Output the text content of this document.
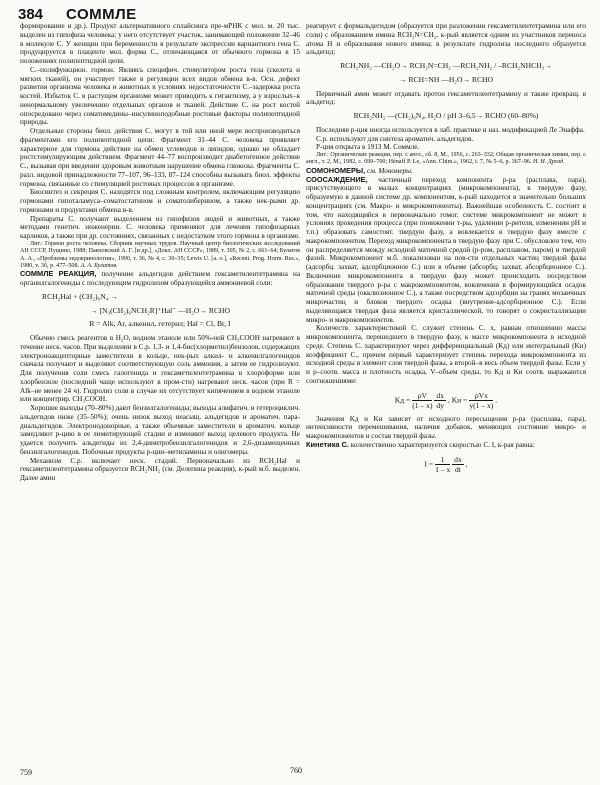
384 СОММЛЕ

формирование и др.). Продукт альтернативного сплайсинга пре-мРНК с мол. м. 20 тыс. выделен из гипофиза человека; у него отсутствует участок, занимающий положение 32–46 в молекуле С. У женщин при беременности в результате экспрессии вариантного гена С. продуцируется в плаценте мол. форма С., отличающаяся от обычного гормона в 15 положениях полипептидной цепи.

С.–полифункцион. гормон. Являясь специфич. стимулятором роста тела (скелета и мягких тканей), он участвует также в регуляции всех видов обмена в-в. Осн. дефект развития организма человека и животных в условиях недостаточности С.–задержка роста костей. Избыток С. в растущем организме может приводить к гигантизму, а у взрослых–к ненормальному увеличению отдельных органов и тканей. Действие С. на рост костей опосредовано через соматомедины–инсулиноподобные ростовые факторы полипептидной природы.

Отдельные стороны биол. действия С. могут в той или иной мере воспроизводиться фрагментами его полипептидной цепи. Фрагмент 31–44 С. человека проявляет характерное для гормона действие на обмен углеводов и липидов, однако не обладает ростстимулирующим действием. Фрагмент 44–77 воспроизводит диабетогенное действие С., вызывая при введении здоровым животным нарушение обмена глюкозы. Фрагменты С. разл. видовой принадлежности 77–107, 96–133, 87–124 способны вызывать биол. эффекты гормона, связанные со стимуляцией ростовых процессов в организме.

Биосинтез и секреция С. находятся под сложным контролем, включающим регуляцию гормонами гипоталамуса–соматостатином и соматолиберином, а также нек-рыми др. гормонами и продуктами обмена в-в.

Препараты С. получают выделением из гипофизов людей и животных, а также методами генетич. инженерии. С. человека применяют для лечения гипофизарных карликов, а также при др. состояниях, связанных с недостатком этого гормона в организме.

Лит.: Гормон роста человека. Сборник научных трудов. Научный центр биологических исследований АН СССР, Пущино, 1988; Павловский А. Г. [и др.], «Докл. АН СССР», 1989, т. 305, № 2, с. 661–64; Булатов А. А., «Проблемы эндокринологии», 1990, т. 36, № 4, с. 30–35; Lewis U. [a. o.], «Recent. Prog. Horm. Res.», 1980, v. 36, p. 477–508. А. А. Булатов.

СОММЛЕ РЕАКЦИЯ, получение альдегидов действием гексаметилентетрамина на органилгалогениды с последующим гидролизом образующейся аммониевой соли:

RCH₂Hal + (CH₂)₆N₄ →

→ [N₃(CH₂)₆NCH₂R]⁺Hal⁻ —H₂O→ RCHO

R = Alk, Ar, алкенил, гетерил; Hal = Cl, Br, I

Обычно смесь реагентов в H₂O, водном этаноле или 50%-ной CH₃COOH нагревают в течение неск. часов. При выделении в С.р. 1,3- и 1,4-бис(хлорметил)бензолов, содержащих электроноакцепторные заместители в кольце, нек-рых алкил- и алкенилгалогенидов сначала получают и выделяют соответствующую соль аммония, а затем ее гидролизуют. Для получения соли смесь галогенида и гексаметилентетрамина в хлороформе или хлорбензоле (последний чаще используют в пром-сти) нагревают неск. часов (при R = Alk–не менее 24 ч). Гидролиз соли в случае их отсутствует кипячением в водном этаноле или концентрир. CH₃COOH.

Хорошие выходы (70–80%) дают бензилгалогениды; выходы алифатич. и гетероциклич. альдегидов ниже (35–50%); очень низок выход неасыщ. альдегидов и ароматич. пара-диальдегидов. Электронодонорные, а также объемные заместители в ароматич. кольце замедляют р-цию в ее лимитирующей стадии и изменяют выход целевого продукта. Не удается получить альдегиды из 2,4-динитробензилгалогенидов и 2,6-дизамещенных бензилгалогенидов. Побочные продукты р-ции–метиламины и олигомеры.

Механизм С.р. включает неск. стадий. Первоначально из RCH₂Hal и гексаметилентетрамина образуется RCH₂NH₂ (см. Делепина реакция), к-рый м.б. выделен. Далее амин

реагирует с формальдегидом (образуется при разложении гексаметилентетрамина или его соли) с образованием имина RCH₂N=CH₂, к-рый является одним из участников переноса атома H и образования нового имина; в результате гидролиза последнего образуется альдегид:

RCH₂NH₂ —CH₂O→ RCH₂N=CH₂ —RCH₂NH₂ / –RCH₂NHCH₃→

→ RCH=NH —H₂O→ RCHO

Первичный амин может отдавать протон гексаметилентетрамину и также превращ. в альдегид:

RCH₂NH₂ —(CH₂)₆N₄, H₂O / pH 3–6,5→ RCHO (60–80%)

Последняя р-ция иногда используется в лаб. практике и наз. модификацией Ле Энаффа.

С.р. используют для синтеза ароматич. альдегидов.

Р-ция открыта в 1913 М. Соммле.

Лит.: Органические реакции, пер. с англ., сб. 8, М., 1956, с. 263–332; Общая органическая химия, пер. с англ., т. 2, М., 1982, с. 699–700; Hénaff P. Le, «Ann. Chim.», 1962, t. 7, № 5–6, p. 367–96. Н. Н. Дрозд.

СОМОНОМЕРЫ, см. Мономеры.

СООСАЖДЕНИЕ, частичный переход компонента р-ра (расплава, пара), присутствующего в малых концентрациях (микрокомпонента), в твердую фазу, образуемую в данной системе др. компонентом, к-рый находится в значительно больших концентрациях (см. Макро- и микрокомпоненты). Важнейшая особенность С. состоит в том, что находящийся в первоначально гомог. системе микрокомпонент не может в условиях проведения процесса (при понижении т-ры, удалении р-рителя, изменении pH и т.п.) образовать самостоят. твердую фазу, а вовлекается в твердую фазу вместе с макрокомпонентом. Переход микрокомпонента в твердую фазу при С. обусловлен тем, что он распределяется между исходной маточной средой (р-ром, расплавом, паром) и твердой фазой. Микрокомпонент м.б. локализован на пов-сти отдельных частиц твердой фазы (адсорбц. захват, адсорбционное С.) или в объеме (абсорбц. захват, абсорбционное С.). Включение микрокомпонента в твердую фазу может происходить посредством образования твердого р-ра с макрокомпонентом, вовлечения в формирующийся осадок маточной среды (окклюзионное С.), а также посредством адсорбции на гранях мозаичных микрочастиц и блоков твердого осадка (внутренне-адсорбционное С.). Если выделяющаяся твердая фаза является кристаллической, то говорят о сокристаллизации микро- и макрокомпонентов.

Количеств. характеристикой С. служит степень С. x, равная отношению массы микрокомпонента, перешедшего в твердую фазу, к массе микрокомпонента в исходной среде. Степень С. характеризуют через дифференциальный (Kд) или интегральный (Kи) коэффициент С., причем первый характеризует степень перехода микрокомпонента из исходной среды в элемент слоя твердой фазы, а второй–в весь объем твердой фазы. Если y и ρ–соотв. масса и плотность осадка, V–объем среды, то Kд и Kи соотв. выражаются соотношениями:

Kд = $\frac{\rho V}{(1 - x)}$
$\frac{dx}{dy}$ , Kи = $\frac{\text{ρVx}}{y(1 - x)}$ .

Значения Kд и Kи зависят от исходного пересыщения р-ра (расплава, пара), интенсивности перемешивания, наличия добавок, меняющих состояние микро- и макрокомпонентов и состав твердой фазы.

Кинетика С. количественно характеризуется скоростью С. I, к-рая равна:

$I = \frac{1}{1 - x}$
$\frac{dx}{dt}$ ,

759	760
